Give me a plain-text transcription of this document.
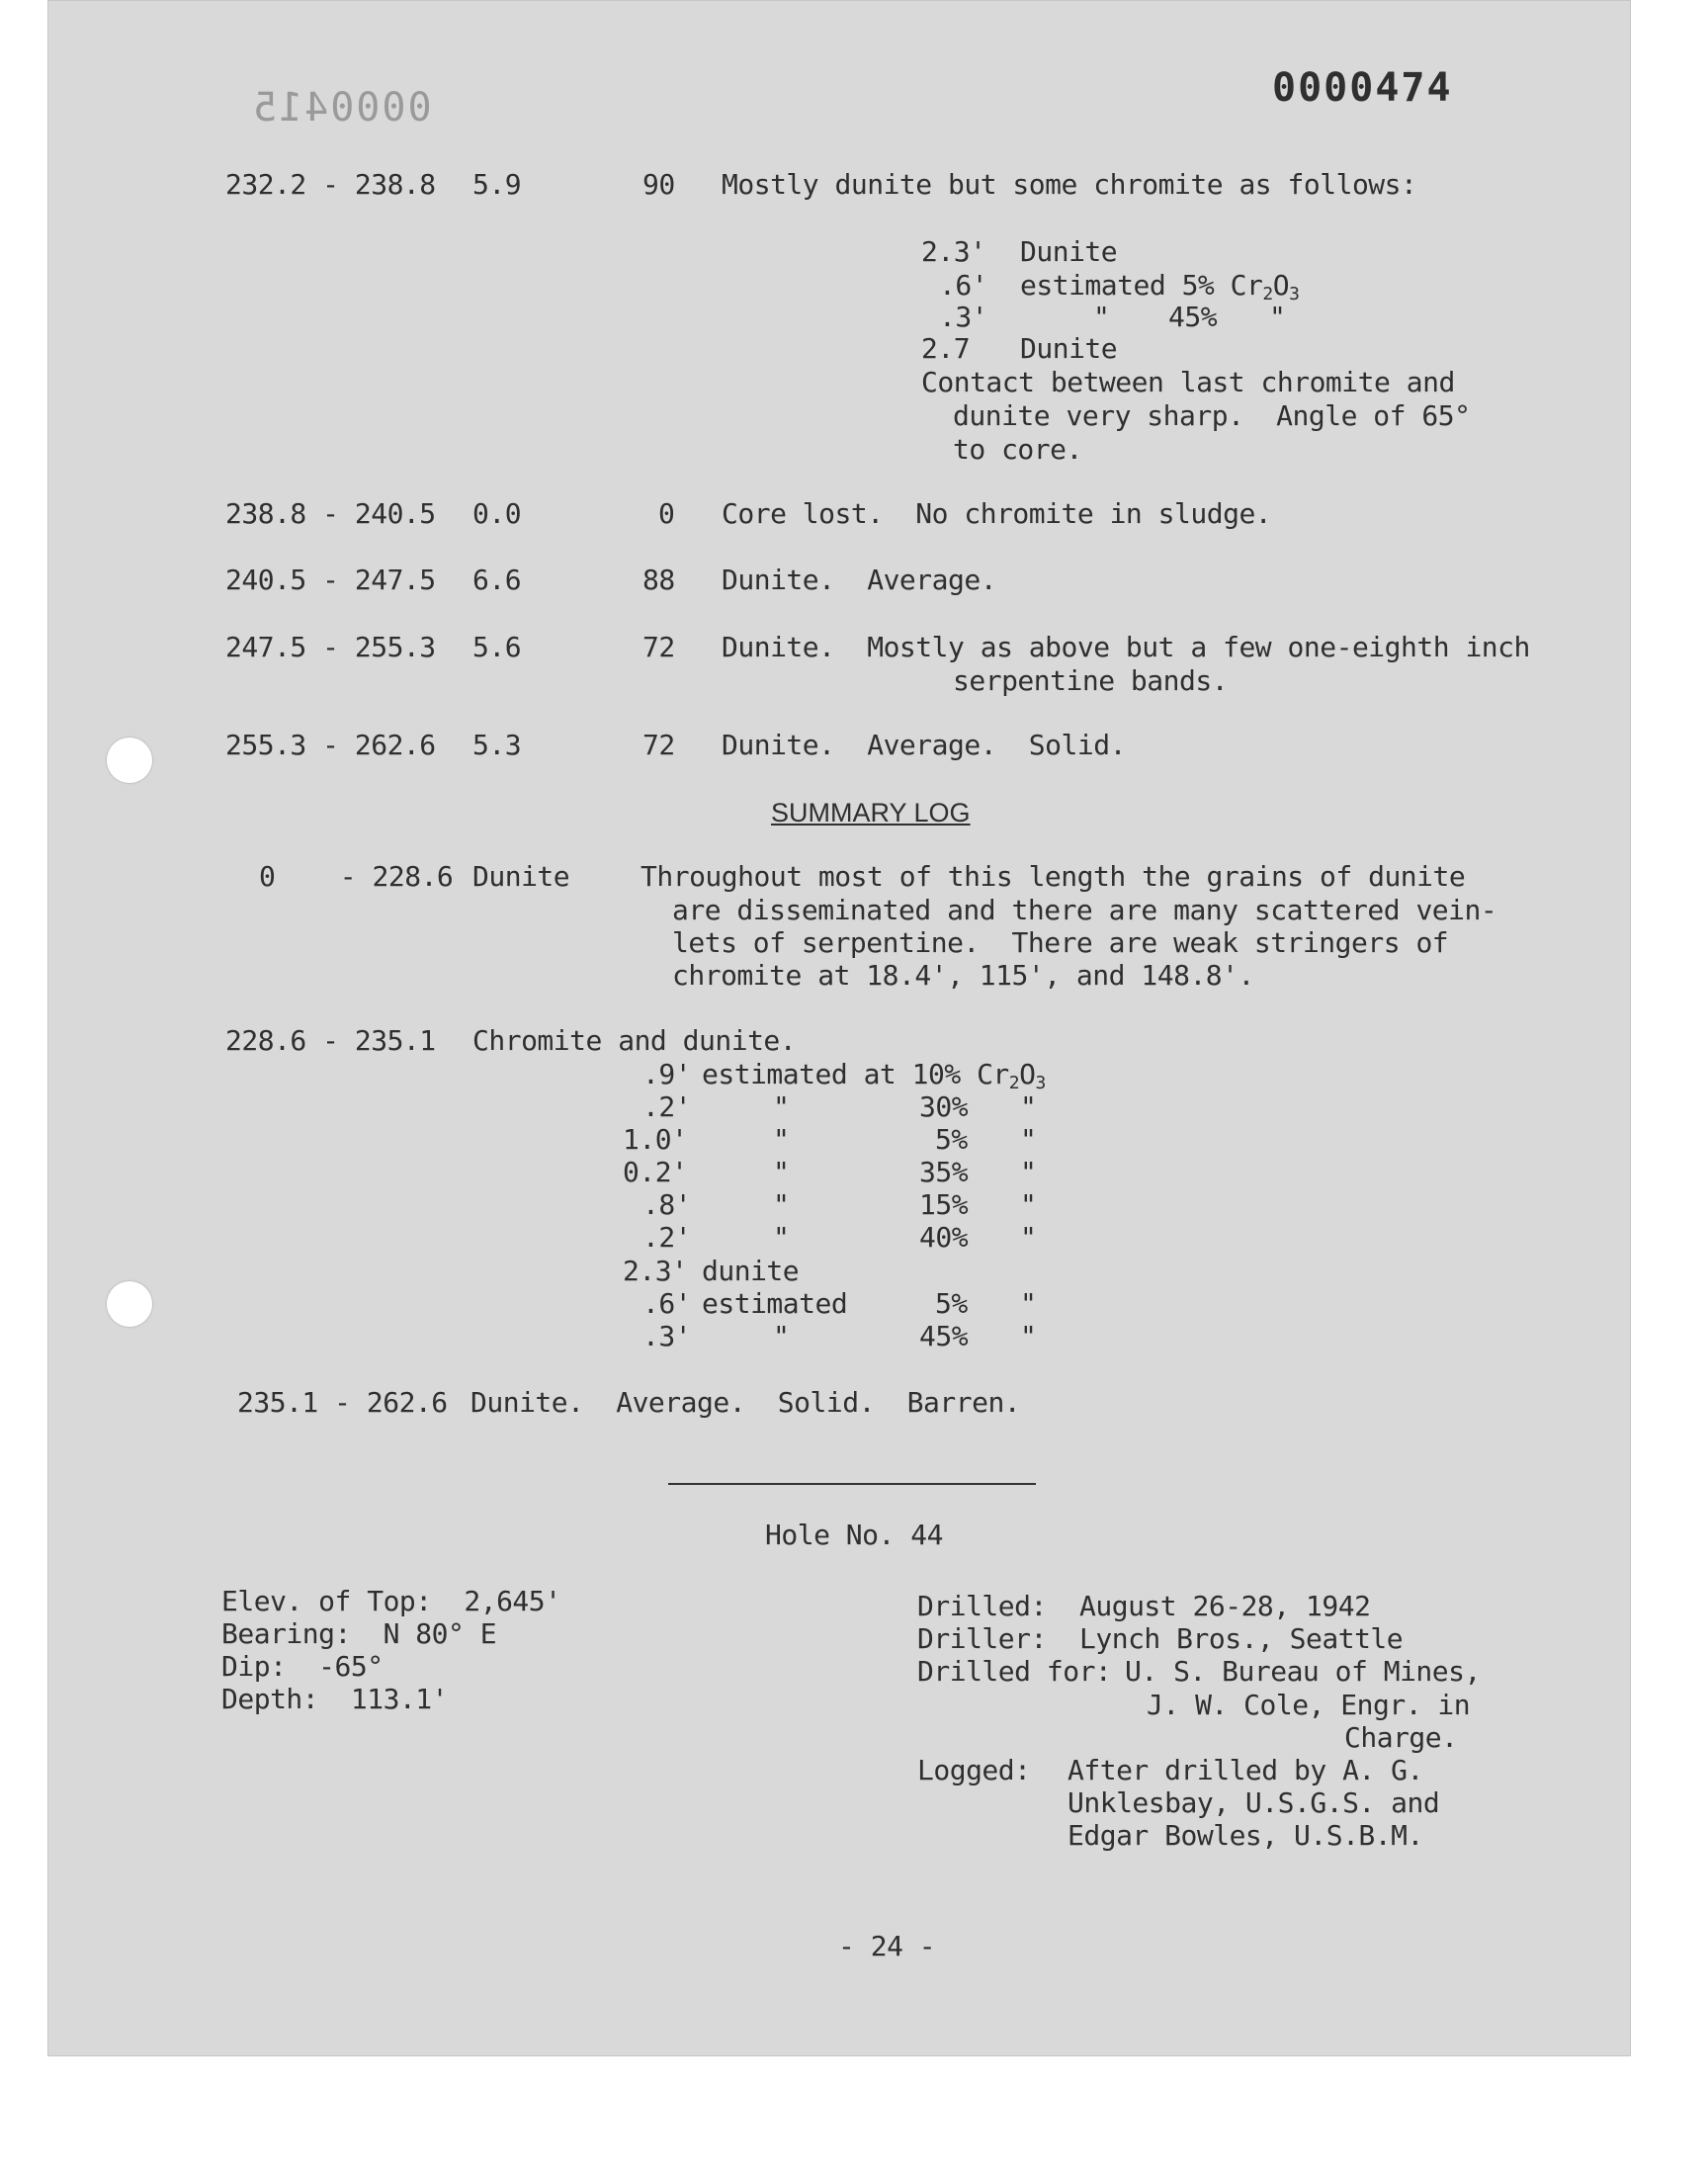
0000474
0000415
232.2 - 238.8 5.9	90 Mostly dunite but some chromite as follows:
2.3' Dunite
.6' estimated 5% $Cr_2O_3$
.3'	" 45% "
2.7 Dunite
Contact between last chromite and
dunite very sharp.  Angle of 65°
to core.
238.8 - 240.5 0.0	0 Core lost.  No chromite in sludge.
240.5 - 247.5 6.6	88 Dunite.  Average.
247.5 - 255.3 5.6	72 Dunite.  Mostly as above but a few one-eighth inch
serpentine bands.
255.3 - 262.6 5.3	72 Dunite.  Average.  Solid.
SUMMARY LOG
0    - 228.6 Dunite	Throughout most of this length the grains of dunite
are disseminated and there are many scattered vein-
lets of serpentine.  There are weak stringers of
chromite at 18.4', 115', and 148.8'.
228.6 - 235.1 Chromite and dunite.
.9' estimated at 10% $Cr_2O_3$
.2'	"	30% "
1.0'	"	5% "
0.2'	"	35% "
.8'	"	15% "
.2'	"	40% "
2.3' dunite
.6' estimated	5% "
.3'	"	45% "
235.1 - 262.6 Dunite.  Average.  Solid.  Barren.
Hole No. 44
Elev. of Top:  2,645'
Bearing:  N 80° E
Dip:  -65°
Depth:  113.1'
Drilled: August 26-28, 1942
Driller: Lynch Bros., Seattle
Drilled for: U. S. Bureau of Mines,
J. W. Cole, Engr. in
Charge.
Logged: After drilled by A. G.
Unklesbay, U.S.G.S. and
Edgar Bowles, U.S.B.M.
- 24 -
